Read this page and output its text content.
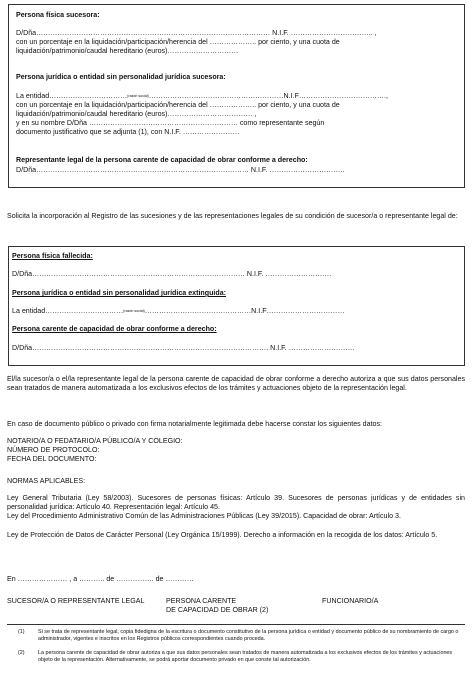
Persona física sucesora:
D/Dña……………………………………………………………………………………… N.I.F. …………………………….. ,
con un porcentaje en la liquidación/participación/herencia del ……………….. por ciento, y una cuota de
liquidación/patrimonio/caudal hereditario (euros)…………………………
Persona jurídica o entidad sin personalidad jurídica sucesora:
La entidad……………………………(razón social)…………………………………………………N.I.F……………………………….,
con un porcentaje en la liquidación/participación/herencia del ……………….. por ciento, y una cuota de
liquidación/patrimonio/caudal hereditario (euros)……………………………… ,
y en su nombre D/Dña ……………………………………………………… como representante según
documento justificativo que se adjunta (1), con N.I.F. ……………………
Representante legal de la persona carente de capacidad de obrar conforme a derecho:
D/Dña……………………………………………………………………………… N.I.F. …………………………..
Solicita la incorporación al Registro de las sucesiones y de las representaciones legales de su condición de sucesor/a o representante legal de:
Persona física fallecida:
D/Dña……………………………………………………………………………… N.I.F. ……………………….
Persona jurídica o entidad sin personalidad jurídica extinguida:
La entidad……………………………(razón social)………………………………………N.I.F……………………………
Persona carente de capacidad de obrar conforme a derecho:
D/Dña………………………………………………………………………………………. N.I.F. ……………………….
El/la sucesor/a o el/la representante legal de la persona carente de capacidad de obrar conforme a derecho autoriza a que sus datos personales sean tratados de manera automatizada a los exclusivos efectos de los trámites y actuaciones objeto de la representación legal.
En caso de documento público o privado con firma notarialmente legitimada debe hacerse constar los siguientes datos:
NOTARIO/A O FEDATARIO/A PÚBLICO/A Y COLEGIO:
NÚMERO DE PROTOCOLO:
FECHA DEL DOCUMENTO:
NORMAS APLICABLES:
Ley General Tributaria (Ley 58/2003). Sucesores de personas físicas: Artículo 39. Sucesores de personas jurídicas y de entidades sin personalidad jurídica: Artículo 40. Representación legal: Artículo 45.
Ley del Procedimiento Administrativo Común de las Administraciones Públicas (Ley 39/2015). Capacidad de obrar: Artículo 3.
Ley de Protección de Datos de Carácter Personal (Ley Orgánica 15/1999). Derecho a información en la recogida de los datos: Artículo 5.
En ………………… , a ……….. de ……………. de …………
SUCESOR/A O REPRESENTANTE LEGAL	PERSONA CARENTE
DE CAPACIDAD DE OBRAR (2)
FUNCIONARIO/A
(1) Si se trata de representante legal, copia fidedigna de la escritura o documento constitutivo de la persona jurídica o entidad y documento público de su nombramiento de cargo o administrador, vigentes e inscritos en los Registros públicos correspondientes cuando proceda.
(2) La persona carente de capacidad de obrar autoriza a que sus datos personales sean tratados de manera automatizada a los exclusivos efectos de los trámites y actuaciones objeto de la representación. Alternativamente, se podrá aportar documento privado en que conste tal autorización.
